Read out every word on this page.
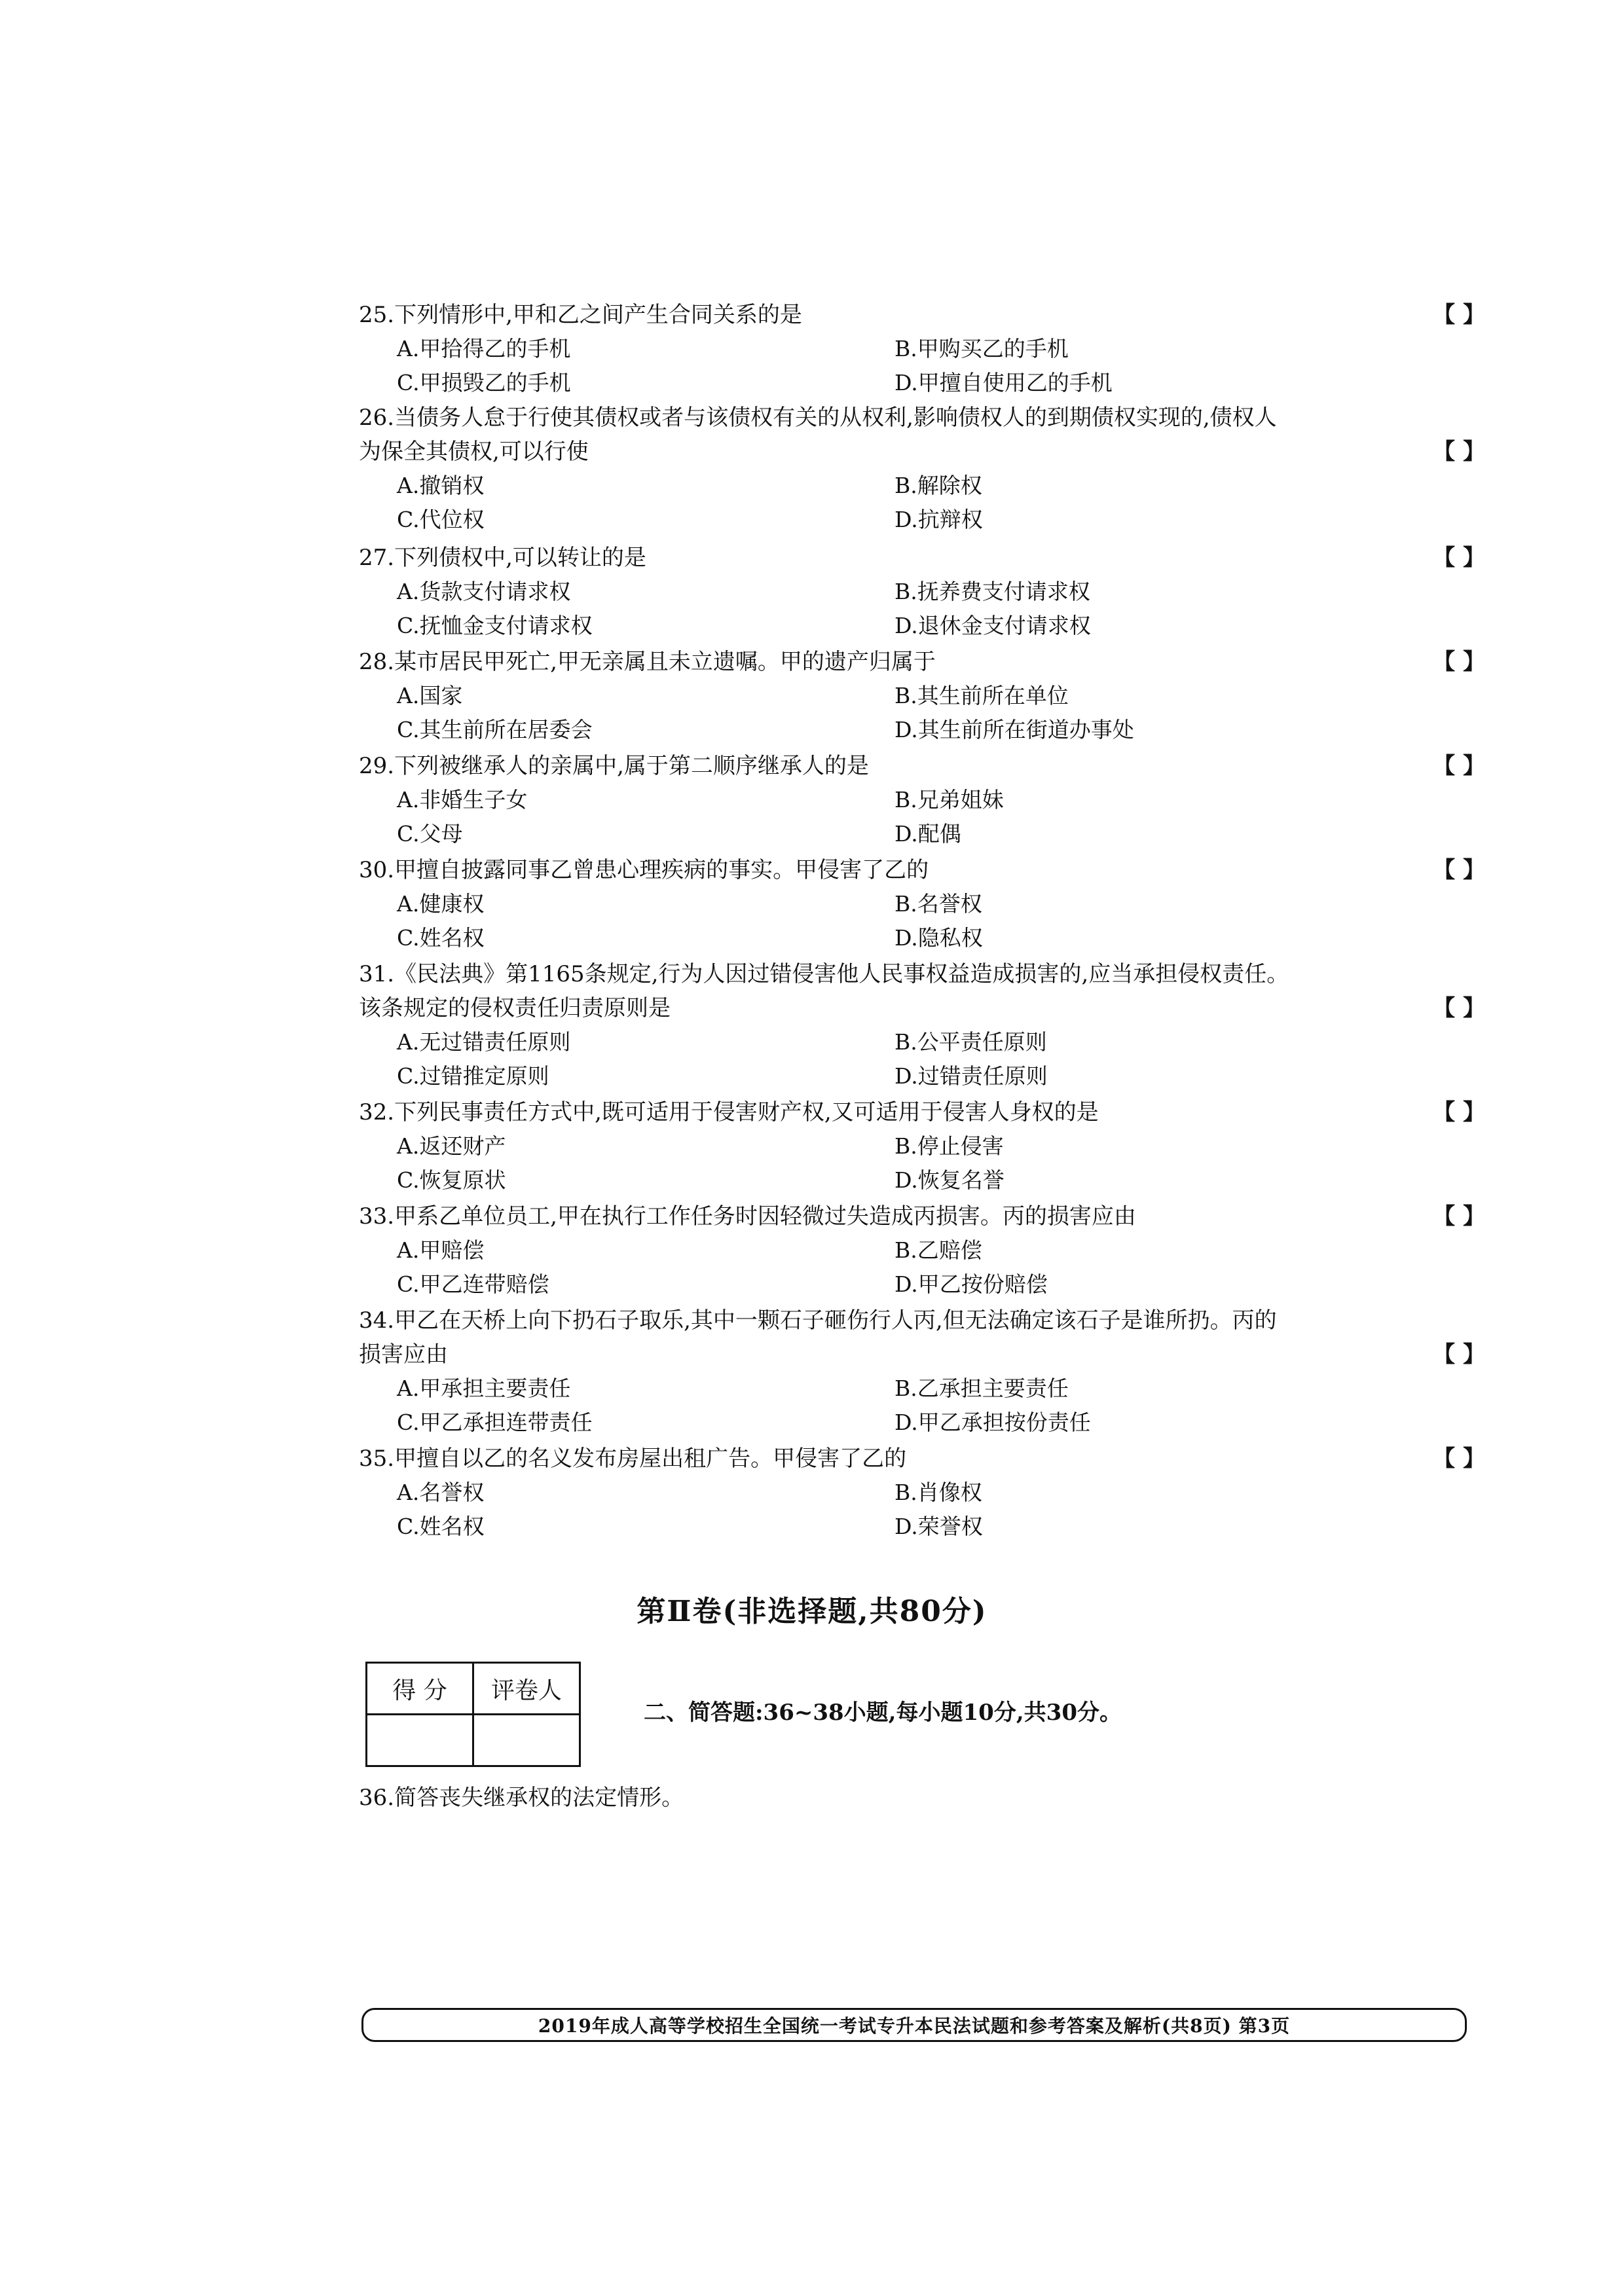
25.下列情形中,甲和乙之间产生合同关系的是	【 】
A.甲拾得乙的手机	B.甲购买乙的手机
C.甲损毁乙的手机	D.甲擅自使用乙的手机
26.当债务人怠于行使其债权或者与该债权有关的从权利,影响债权人的到期债权实现的,债权人
为保全其债权,可以行使	【 】
A.撤销权	B.解除权
C.代位权	D.抗辩权
27.下列债权中,可以转让的是	【 】
A.货款支付请求权	B.抚养费支付请求权
C.抚恤金支付请求权	D.退休金支付请求权
28.某市居民甲死亡,甲无亲属且未立遗嘱。甲的遗产归属于	【 】
A.国家	B.其生前所在单位
C.其生前所在居委会	D.其生前所在街道办事处
29.下列被继承人的亲属中,属于第二顺序继承人的是	【 】
A.非婚生子女	B.兄弟姐妹
C.父母	D.配偶
30.甲擅自披露同事乙曾患心理疾病的事实。甲侵害了乙的	【 】
A.健康权	B.名誉权
C.姓名权	D.隐私权
31.《民法典》第1165条规定,行为人因过错侵害他人民事权益造成损害的,应当承担侵权责任。
该条规定的侵权责任归责原则是	【 】
A.无过错责任原则	B.公平责任原则
C.过错推定原则	D.过错责任原则
32.下列民事责任方式中,既可适用于侵害财产权,又可适用于侵害人身权的是	【 】
A.返还财产	B.停止侵害
C.恢复原状	D.恢复名誉
33.甲系乙单位员工,甲在执行工作任务时因轻微过失造成丙损害。丙的损害应由	【 】
A.甲赔偿	B.乙赔偿
C.甲乙连带赔偿	D.甲乙按份赔偿
34.甲乙在天桥上向下扔石子取乐,其中一颗石子砸伤行人丙,但无法确定该石子是谁所扔。丙的
损害应由	【 】
A.甲承担主要责任	B.乙承担主要责任
C.甲乙承担连带责任	D.甲乙承担按份责任
35.甲擅自以乙的名义发布房屋出租广告。甲侵害了乙的	【 】
A.名誉权	B.肖像权
C.姓名权	D.荣誉权
第Ⅱ卷(非选择题,共80分)
得 分	评卷人

二、简答题:36~38小题,每小题10分,共30分。
36.简答丧失继承权的法定情形。
2019年成人高等学校招生全国统一考试专升本民法试题和参考答案及解析(共8页) 第3页
